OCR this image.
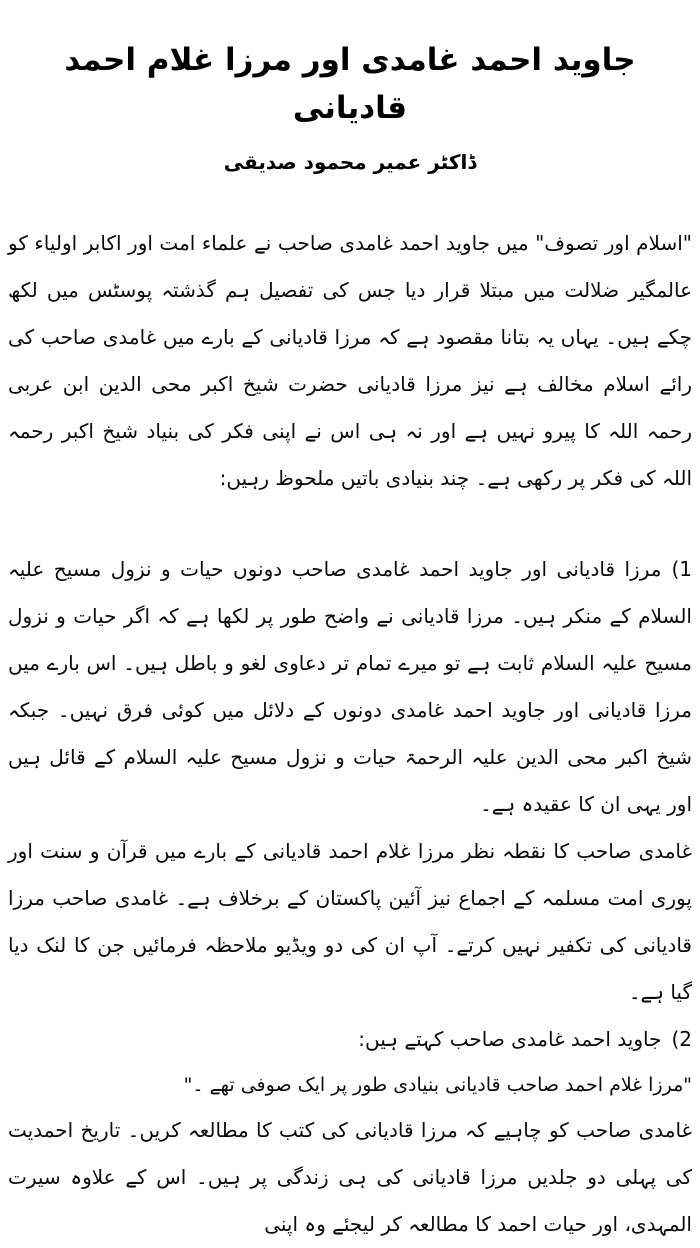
جاوید احمد غامدی اور مرزا غلام احمد قادیانی
ڈاکٹر عمیر محمود صدیقی

"اسلام اور تصوف" میں جاوید احمد غامدی صاحب نے علماء امت اور اکابر اولیاء کو عالمگیر ضلالت میں مبتلا قرار دیا جس کی تفصیل ہم گذشتہ پوسٹس میں لکھ چکے ہیں۔ یہاں یہ بتانا مقصود ہے کہ مرزا قادیانی کے بارے میں غامدی صاحب کی رائے اسلام مخالف ہے نیز مرزا قادیانی حضرت شیخ اکبر محی الدین ابن عربی رحمہ اللہ کا پیرو نہیں ہے اور نہ ہی اس نے اپنی فکر کی بنیاد شیخ اکبر رحمہ اللہ کی فکر پر رکھی ہے۔ چند بنیادی باتیں ملحوظ رہیں:

1)مرزا قادیانی اور جاوید احمد غامدی صاحب دونوں حیات و نزول مسیح علیہ السلام کے منکر ہیں۔ مرزا قادیانی نے واضح طور پر لکھا ہے کہ اگر حیات و نزول مسیح علیہ السلام ثابت ہے تو میرے تمام تر دعاوی لغو و باطل ہیں۔ اس بارے میں مرزا قادیانی اور جاوید احمد غامدی دونوں کے دلائل میں کوئی فرق نہیں۔ جبکہ شیخ اکبر محی الدین علیہ الرحمۃ حیات و نزول مسیح علیہ السلام کے قائل ہیں اور یہی ان کا عقیدہ ہے۔

غامدی صاحب کا نقطہ نظر مرزا غلام احمد قادیانی کے بارے میں قرآن و سنت اور پوری امت مسلمہ کے اجماع نیز آئین پاکستان کے برخلاف ہے۔ غامدی صاحب مرزا قادیانی کی تکفیر نہیں کرتے۔ آپ ان کی دو ویڈیو ملاحظہ فرمائیں جن کا لنک دیا گیا ہے۔

2)جاوید احمد غامدی صاحب کہتے ہیں:

"مرزا غلام احمد صاحب قادیانی بنیادی طور پر ایک صوفی تھے ۔"

غامدی صاحب کو چاہیے کہ مرزا قادیانی کی کتب کا مطالعہ کریں۔ تاریخ احمدیت کی پہلی دو جلدیں مرزا قادیانی کی ہی زندگی پر ہیں۔ اس کے علاوہ سیرت المہدی، اور حیات احمد کا مطالعہ کر لیجئے وہ اپنی
